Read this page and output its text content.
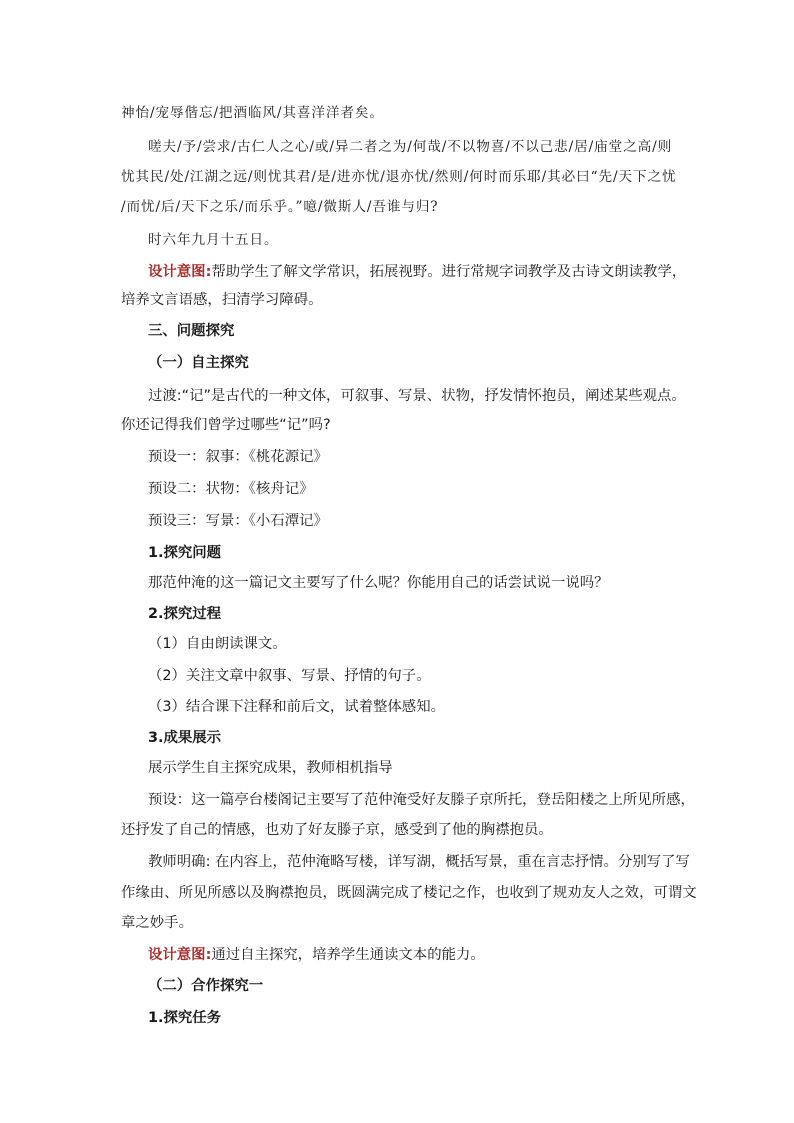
神怡/宠辱偕忘/把酒临风/其喜洋洋者矣。
嗟夫/予/尝求/古仁人之心/或/异二者之为/何哉/不以物喜/不以己悲/居/庙堂之高/则
忧其民/处/江湖之远/则忧其君/是/进亦忧/退亦忧/然则/何时而乐耶/其必曰“先/天下之忧
/而忧/后/天下之乐/而乐乎。”噫/微斯人/吾谁与归?
时六年九月十五日。
设计意图:帮助学生了解文学常识，拓展视野。进行常规字词教学及古诗文朗读教学，
培养文言语感，扫清学习障碍。
三、问题探究
（一）自主探究
过渡:“记”是古代的一种文体，可叙事、写景、状物，抒发情怀抱员，阐述某些观点。
你还记得我们曾学过哪些“记”吗?
预设一：叙事：《桃花源记》
预设二：状物：《核舟记》
预设三：写景：《小石潭记》
1.探究问题
那范仲淹的这一篇记文主要写了什么呢？你能用自己的话尝试说一说吗？
2.探究过程
（1）自由朗读课文。
（2）关注文章中叙事、写景、抒情的句子。
（3）结合课下注释和前后文，试着整体感知。
3.成果展示
展示学生自主探究成果，教师相机指导
预设：这一篇亭台楼阁记主要写了范仲淹受好友滕子京所托，登岳阳楼之上所见所感，
还抒发了自己的情感，也劝了好友滕子京，感受到了他的胸襟抱员。
教师明确: 在内容上，范仲淹略写楼，详写湖，概括写景，重在言志抒情。分别写了写
作缘由、所见所感以及胸襟抱员，既圆满完成了楼记之作，也收到了规劝友人之效，可谓文
章之妙手。
设计意图:通过自主探究，培养学生通读文本的能力。
（二）合作探究一
1.探究任务
